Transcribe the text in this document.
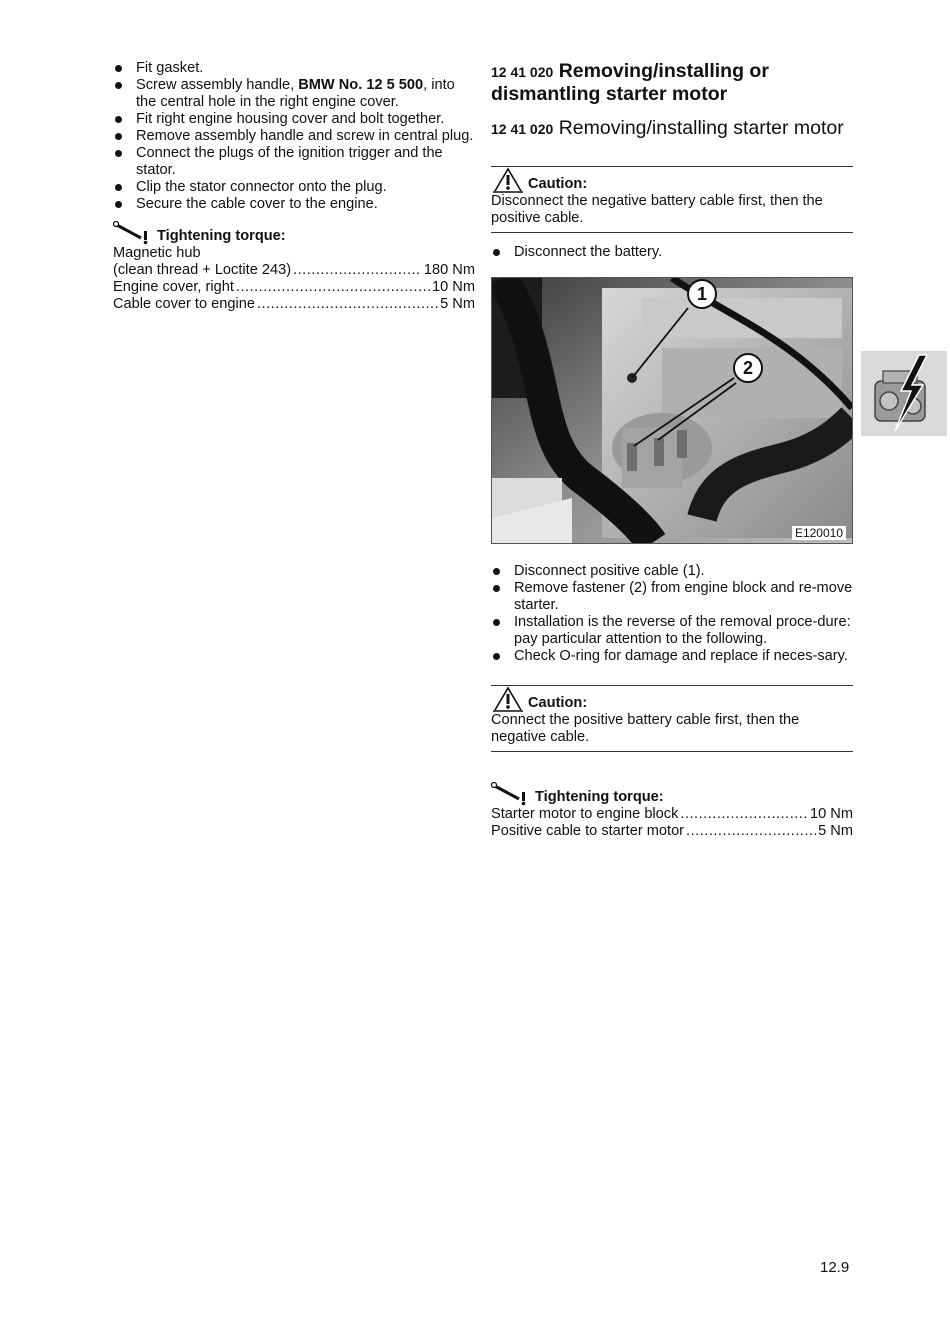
Fit gasket.
Screw assembly handle, BMW No. 12 5 500, into the central hole in the right engine cover.
Fit right engine housing cover and bolt together.
Remove assembly handle and screw in central plug.
Connect the plugs of the ignition trigger and the stator.
Clip the stator connector onto the plug.
Secure the cable cover to the engine.
Tightening torque:
Magnetic hub
(clean thread + Loctite 243) .....	180 Nm
Engine cover, right .....	10 Nm
Cable cover to engine .....	5 Nm
12 41 020 Removing/installing or dismantling starter motor
12 41 020 Removing/installing starter motor
Caution:
Disconnect the negative battery cable first, then the positive cable.
Disconnect the battery.
1
2
E120010
Disconnect positive cable (1).
Remove fastener (2) from engine block and re-move starter.
Installation is the reverse of the removal proce-dure: pay particular attention to the following.
Check O-ring for damage and replace if neces-sary.
Caution:
Connect the positive battery cable first, then the negative cable.
Tightening torque:
Starter motor to engine block .....	10 Nm
Positive cable to starter motor .....	5 Nm
12.9
